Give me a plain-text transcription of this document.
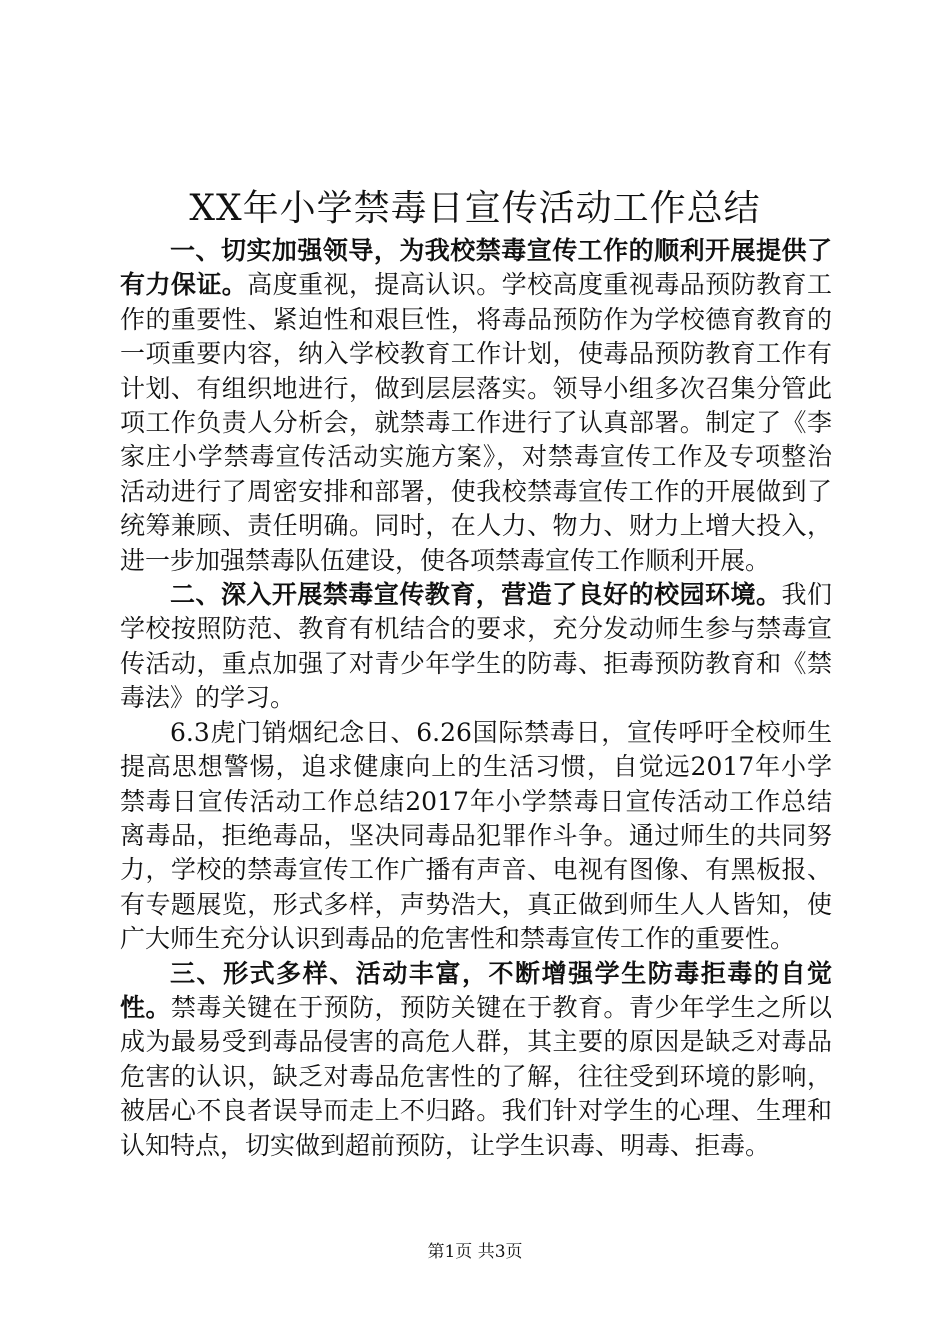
XX年小学禁毒日宣传活动工作总结

一、切实加强领导，为我校禁毒宣传工作的顺利开展提供了有力保证。高度重视，提高认识。学校高度重视毒品预防教育工作的重要性、紧迫性和艰巨性，将毒品预防作为学校德育教育的一项重要内容，纳入学校教育工作计划，使毒品预防教育工作有计划、有组织地进行，做到层层落实。领导小组多次召集分管此项工作负责人分析会，就禁毒工作进行了认真部署。制定了《李家庄小学禁毒宣传活动实施方案》，对禁毒宣传工作及专项整治活动进行了周密安排和部署，使我校禁毒宣传工作的开展做到了统筹兼顾、责任明确。同时，在人力、物力、财力上增大投入，进一步加强禁毒队伍建设，使各项禁毒宣传工作顺利开展。

二、深入开展禁毒宣传教育，营造了良好的校园环境。我们学校按照防范、教育有机结合的要求，充分发动师生参与禁毒宣传活动，重点加强了对青少年学生的防毒、拒毒预防教育和《禁毒法》的学习。

6.3虎门销烟纪念日、6.26国际禁毒日，宣传呼吁全校师生提高思想警惕，追求健康向上的生活习惯，自觉远2017年小学禁毒日宣传活动工作总结2017年小学禁毒日宣传活动工作总结离毒品，拒绝毒品，坚决同毒品犯罪作斗争。通过师生的共同努力，学校的禁毒宣传工作广播有声音、电视有图像、有黑板报、有专题展览，形式多样，声势浩大，真正做到师生人人皆知，使广大师生充分认识到毒品的危害性和禁毒宣传工作的重要性。

三、形式多样、活动丰富，不断增强学生防毒拒毒的自觉性。禁毒关键在于预防，预防关键在于教育。青少年学生之所以成为最易受到毒品侵害的高危人群，其主要的原因是缺乏对毒品危害的认识，缺乏对毒品危害性的了解，往往受到环境的影响，被居心不良者误导而走上不归路。我们针对学生的心理、生理和认知特点，切实做到超前预防，让学生识毒、明毒、拒毒。

第1页 共3页
